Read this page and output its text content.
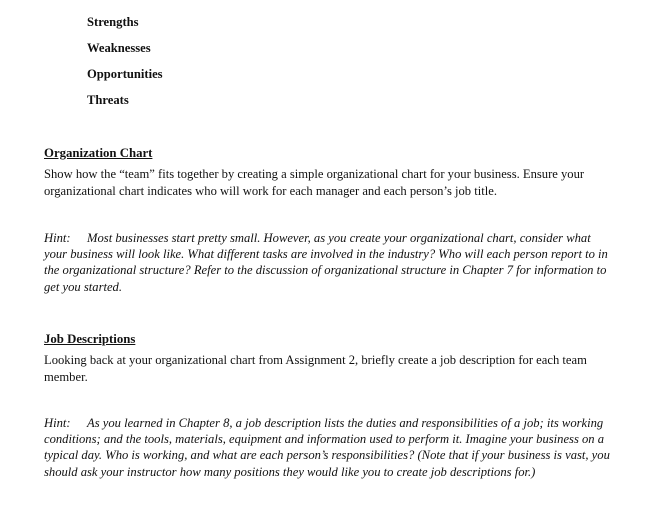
Strengths
Weaknesses
Opportunities
Threats
Organization Chart

Show how the “team” fits together by creating a simple organizational chart for your business. Ensure your organizational chart indicates who will work for each manager and each person’s job title.

Hint: Most businesses start pretty small. However, as you create your organizational chart, consider what your business will look like. What different tasks are involved in the industry? Who will each person report to in the organizational structure? Refer to the discussion of organizational structure in Chapter 7 for information to get you started.

Job Descriptions

Looking back at your organizational chart from Assignment 2, briefly create a job description for each team member.

Hint: As you learned in Chapter 8, a job description lists the duties and responsibilities of a job; its working conditions; and the tools, materials, equipment and information used to perform it. Imagine your business on a typical day. Who is working, and what are each person’s responsibilities? (Note that if your business is vast, you should ask your instructor how many positions they would like you to create job descriptions for.)
